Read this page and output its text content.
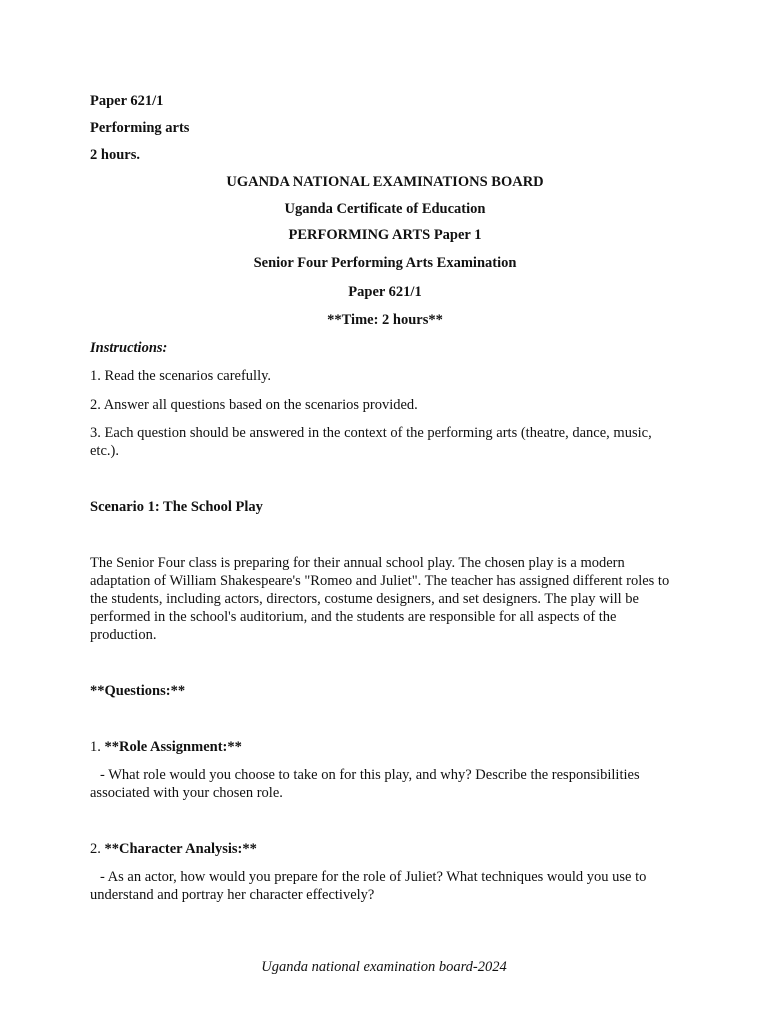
Paper 621/1

Performing arts

2 hours.

UGANDA NATIONAL EXAMINATIONS BOARD

Uganda Certificate of Education

PERFORMING ARTS Paper 1

Senior Four Performing Arts Examination

Paper 621/1

**Time: 2 hours**

Instructions:

1. Read the scenarios carefully.

2. Answer all questions based on the scenarios provided.

3. Each question should be answered in the context of the performing arts (theatre, dance, music, etc.).

Scenario 1: The School Play

The Senior Four class is preparing for their annual school play. The chosen play is a modern adaptation of William Shakespeare's "Romeo and Juliet". The teacher has assigned different roles to the students, including actors, directors, costume designers, and set designers. The play will be performed in the school's auditorium, and the students are responsible for all aspects of the production.

**Questions:**

1. **Role Assignment:**

- What role would you choose to take on for this play, and why? Describe the responsibilities associated with your chosen role.

2. **Character Analysis:**

- As an actor, how would you prepare for the role of Juliet? What techniques would you use to understand and portray her character effectively?

Uganda national examination board-2024
